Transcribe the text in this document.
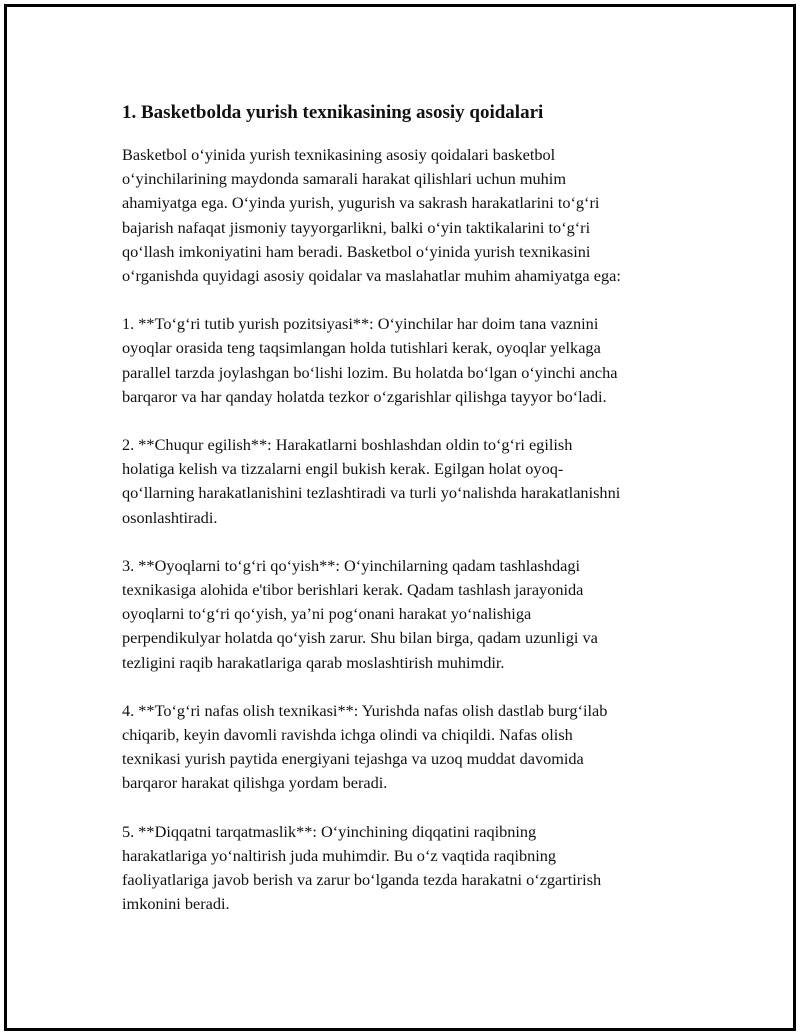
1. Basketbolda yurish texnikasining asosiy qoidalari

Basketbol o‘yinida yurish texnikasining asosiy qoidalari basketbol
o‘yinchilarining maydonda samarali harakat qilishlari uchun muhim
ahamiyatga ega. O‘yinda yurish, yugurish va sakrash harakatlarini to‘g‘ri
bajarish nafaqat jismoniy tayyorgarlikni, balki o‘yin taktikalarini to‘g‘ri
qo‘llash imkoniyatini ham beradi. Basketbol o‘yinida yurish texnikasini
o‘rganishda quyidagi asosiy qoidalar va maslahatlar muhim ahamiyatga ega:

1. **To‘g‘ri tutib yurish pozitsiyasi**: O‘yinchilar har doim tana vaznini
oyoqlar orasida teng taqsimlangan holda tutishlari kerak, oyoqlar yelkaga
parallel tarzda joylashgan bo‘lishi lozim. Bu holatda bo‘lgan o‘yinchi ancha
barqaror va har qanday holatda tezkor o‘zgarishlar qilishga tayyor bo‘ladi.

2. **Chuqur egilish**: Harakatlarni boshlashdan oldin to‘g‘ri egilish
holatiga kelish va tizzalarni engil bukish kerak. Egilgan holat oyoq-
qo‘llarning harakatlanishini tezlashtiradi va turli yo‘nalishda harakatlanishni
osonlashtiradi.

3. **Oyoqlarni to‘g‘ri qo‘yish**: O‘yinchilarning qadam tashlashdagi
texnikasiga alohida e'tibor berishlari kerak. Qadam tashlash jarayonida
oyoqlarni to‘g‘ri qo‘yish, ya’ni pog‘onani harakat yo‘nalishiga
perpendikulyar holatda qo‘yish zarur. Shu bilan birga, qadam uzunligi va
tezligini raqib harakatlariga qarab moslashtirish muhimdir.

4. **To‘g‘ri nafas olish texnikasi**: Yurishda nafas olish dastlab burg‘ilab
chiqarib, keyin davomli ravishda ichga olindi va chiqildi. Nafas olish
texnikasi yurish paytida energiyani tejashga va uzoq muddat davomida
barqaror harakat qilishga yordam beradi.

5. **Diqqatni tarqatmaslik**: O‘yinchining diqqatini raqibning
harakatlariga yo‘naltirish juda muhimdir. Bu o‘z vaqtida raqibning
faoliyatlariga javob berish va zarur bo‘lganda tezda harakatni o‘zgartirish
imkonini beradi.
